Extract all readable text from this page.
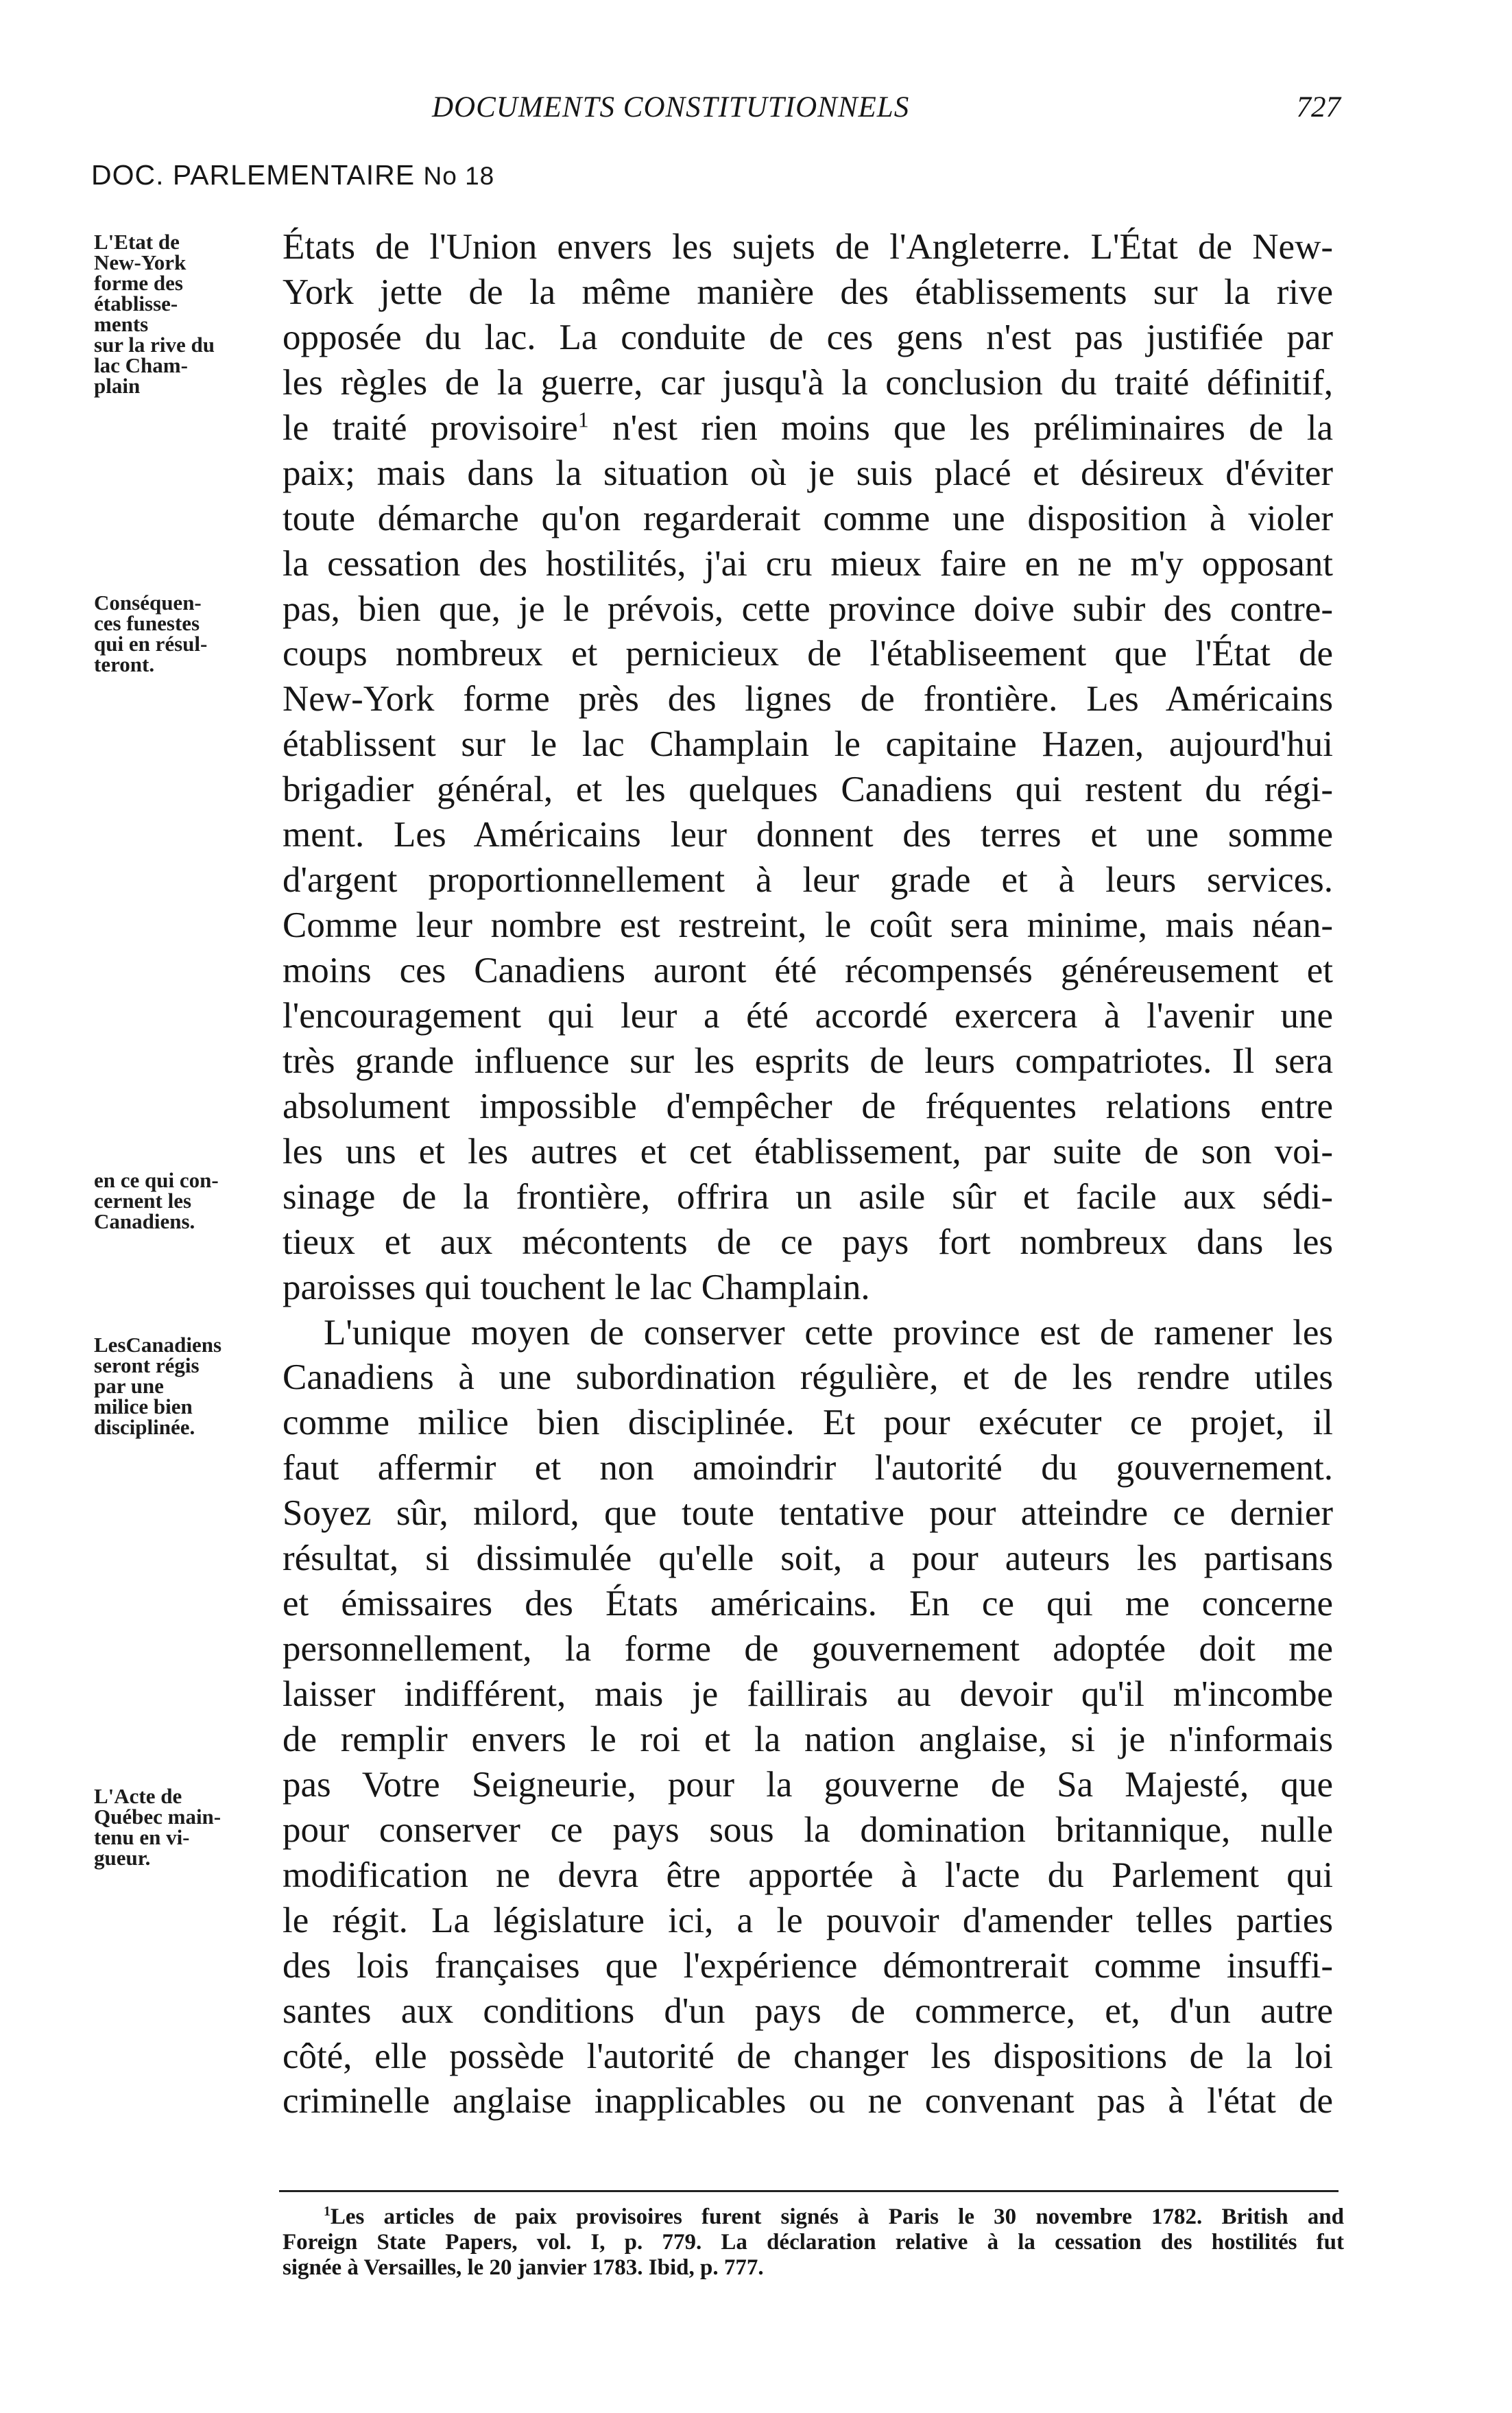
DOCUMENTS CONSTITUTIONNELS	727
DOC. PARLEMENTAIRE No 18
États de l'Union envers les sujets de l'Angleterre. L'État de New-
York jette de la même manière des établissements sur la rive
opposée du lac. La conduite de ces gens n'est pas justifiée par
les règles de la guerre, car jusqu'à la conclusion du traité définitif,
le traité provisoire$^1$ n'est rien moins que les préliminaires de la
paix; mais dans la situation où je suis placé et désireux d'éviter
toute démarche qu'on regarderait comme une disposition à violer
la cessation des hostilités, j'ai cru mieux faire en ne m'y opposant
pas, bien que, je le prévois, cette province doive subir des contre-
coups nombreux et pernicieux de l'établiseement que l'État de
New-York forme près des lignes de frontière. Les Américains
établissent sur le lac Champlain le capitaine Hazen, aujourd'hui
brigadier général, et les quelques Canadiens qui restent du régi-
ment. Les Américains leur donnent des terres et une somme
d'argent proportionnellement à leur grade et à leurs services.
Comme leur nombre est restreint, le coût sera minime, mais néan-
moins ces Canadiens auront été récompensés généreusement et
l'encouragement qui leur a été accordé exercera à l'avenir une
très grande influence sur les esprits de leurs compatriotes. Il sera
absolument impossible d'empêcher de fréquentes relations entre
les uns et les autres et cet établissement, par suite de son voi-
sinage de la frontière, offrira un asile sûr et facile aux sédi-
tieux et aux mécontents de ce pays fort nombreux dans les
paroisses qui touchent le lac Champlain.
L'unique moyen de conserver cette province est de ramener les
Canadiens à une subordination régulière, et de les rendre utiles
comme milice bien disciplinée. Et pour exécuter ce projet, il
faut affermir et non amoindrir l'autorité du gouvernement.
Soyez sûr, milord, que toute tentative pour atteindre ce dernier
résultat, si dissimulée qu'elle soit, a pour auteurs les partisans
et émissaires des États américains. En ce qui me concerne
personnellement, la forme de gouvernement adoptée doit me
laisser indifférent, mais je faillirais au devoir qu'il m'incombe
de remplir envers le roi et la nation anglaise, si je n'informais
pas Votre Seigneurie, pour la gouverne de Sa Majesté, que
pour conserver ce pays sous la domination britannique, nulle
modification ne devra être apportée à l'acte du Parlement qui
le régit. La législature ici, a le pouvoir d'amender telles parties
des lois françaises que l'expérience démontrerait comme insuffi-
santes aux conditions d'un pays de commerce, et, d'un autre
côté, elle possède l'autorité de changer les dispositions de la loi
criminelle anglaise inapplicables ou ne convenant pas à l'état de
L'Etat de
New-York
forme des
établisse-
ments
sur la rive du
lac Cham-
plain
Conséquen-
ces funestes
qui en résul-
teront.
en ce qui con-
cernent les
Canadiens.
LesCanadiens
seront régis
par une
milice bien
disciplinée.
L'Acte de
Québec main-
tenu en vi-
gueur.
$^1$Les articles de paix provisoires furent signés à Paris le 30 novembre 1782. British and
Foreign State Papers, vol. I, p. 779. La déclaration relative à la cessation des hostilités fut
signée à Versailles, le 20 janvier 1783. Ibid, p. 777.
